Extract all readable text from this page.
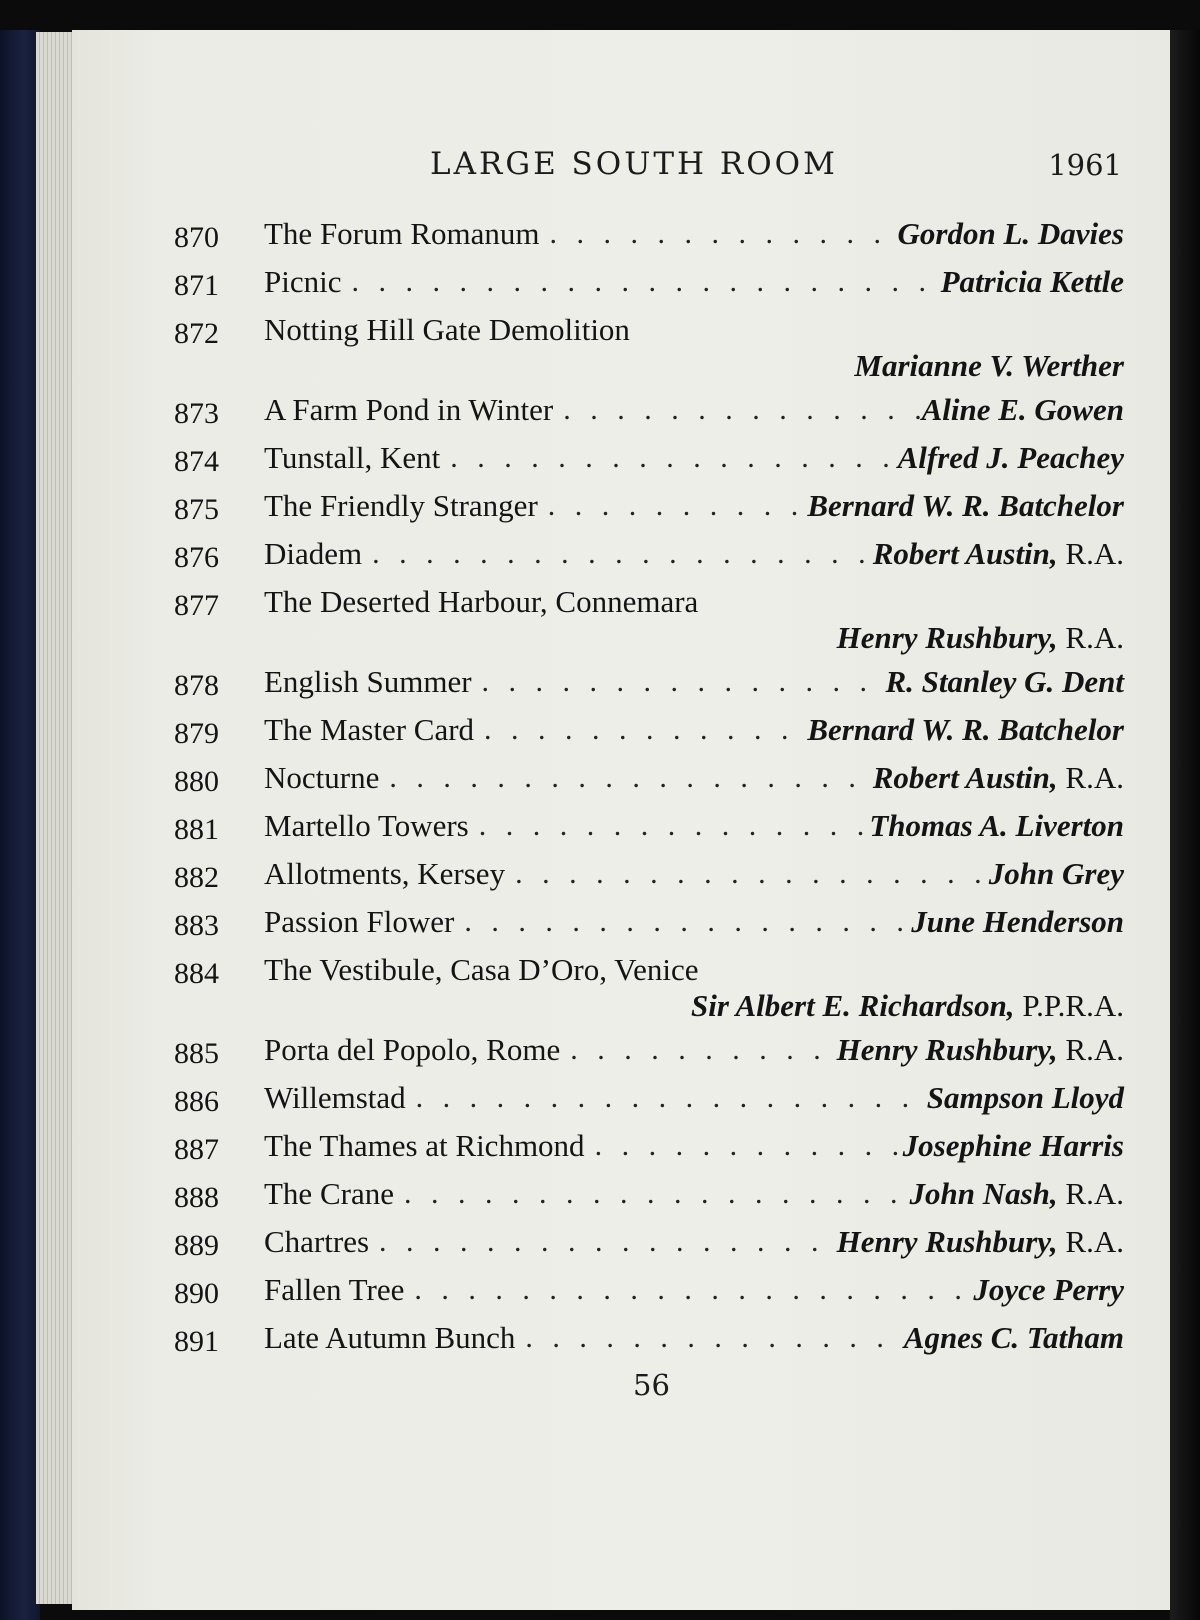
LARGE SOUTH ROOM	1961
870	The Forum Romanum . . .	Gordon L. Davies
871	Picnic . . .	Patricia Kettle
872	Notting Hill Gate Demolition
Marianne V. Werther
873	A Farm Pond in Winter . . .	Aline E. Gowen
874	Tunstall, Kent . . .	Alfred J. Peachey
875	The Friendly Stranger . . .	Bernard W. R. Batchelor
876	Diadem . . .	Robert Austin, R.A.
877	The Deserted Harbour, Connemara
Henry Rushbury, R.A.
878	English Summer . . .	R. Stanley G. Dent
879	The Master Card . . .	Bernard W. R. Batchelor
880	Nocturne . . .	Robert Austin, R.A.
881	Martello Towers . . .	Thomas A. Liverton
882	Allotments, Kersey . . .	John Grey
883	Passion Flower . . .	June Henderson
884	The Vestibule, Casa D’Oro, Venice
Sir Albert E. Richardson, P.P.R.A.
885	Porta del Popolo, Rome . . .	Henry Rushbury, R.A.
886	Willemstad . . .	Sampson Lloyd
887	The Thames at Richmond . . .	Josephine Harris
888	The Crane . . .	John Nash, R.A.
889	Chartres . . .	Henry Rushbury, R.A.
890	Fallen Tree . . .	Joyce Perry
891	Late Autumn Bunch . . .	Agnes C. Tatham
56
